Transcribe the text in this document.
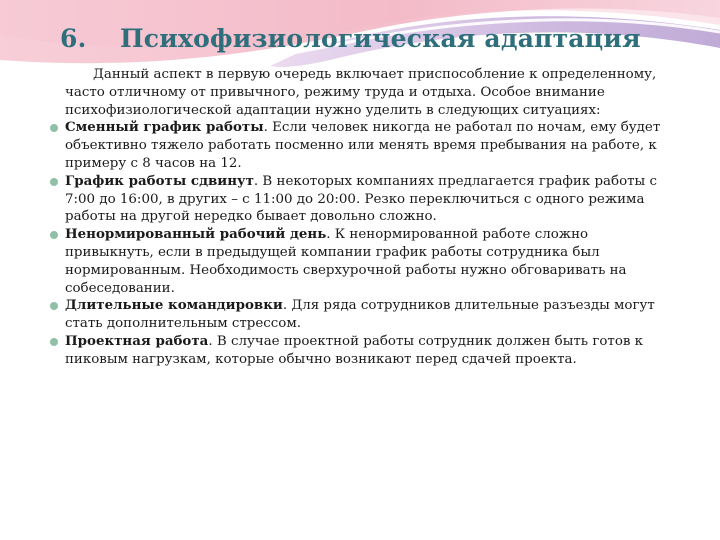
6. Психофизиологическая адаптация

Данный аспект в первую очередь включает приспособление к определенному, часто отличному от привычного, режиму труда и отдыха. Особое внимание психофизиологической адаптации нужно уделить в следующих ситуациях:

Сменный график работы. Если человек никогда не работал по ночам, ему будет объективно тяжело работать посменно или менять время пребывания на работе, к примеру с 8 часов на 12.
График работы сдвинут. В некоторых компаниях предлагается график работы с 7:00 до 16:00, в других – с 11:00 до 20:00. Резко переключиться с одного режима работы на другой нередко бывает довольно сложно.
Ненормированный рабочий день. К ненормированной работе сложно привыкнуть, если в предыдущей компании график работы сотрудника был нормированным. Необходимость сверхурочной работы нужно обговаривать на собеседовании.
Длительные командировки. Для ряда сотрудников длительные разъезды могут стать дополнительным стрессом.
Проектная работа. В случае проектной работы сотрудник должен быть готов к пиковым нагрузкам, которые обычно возникают перед сдачей проекта.
